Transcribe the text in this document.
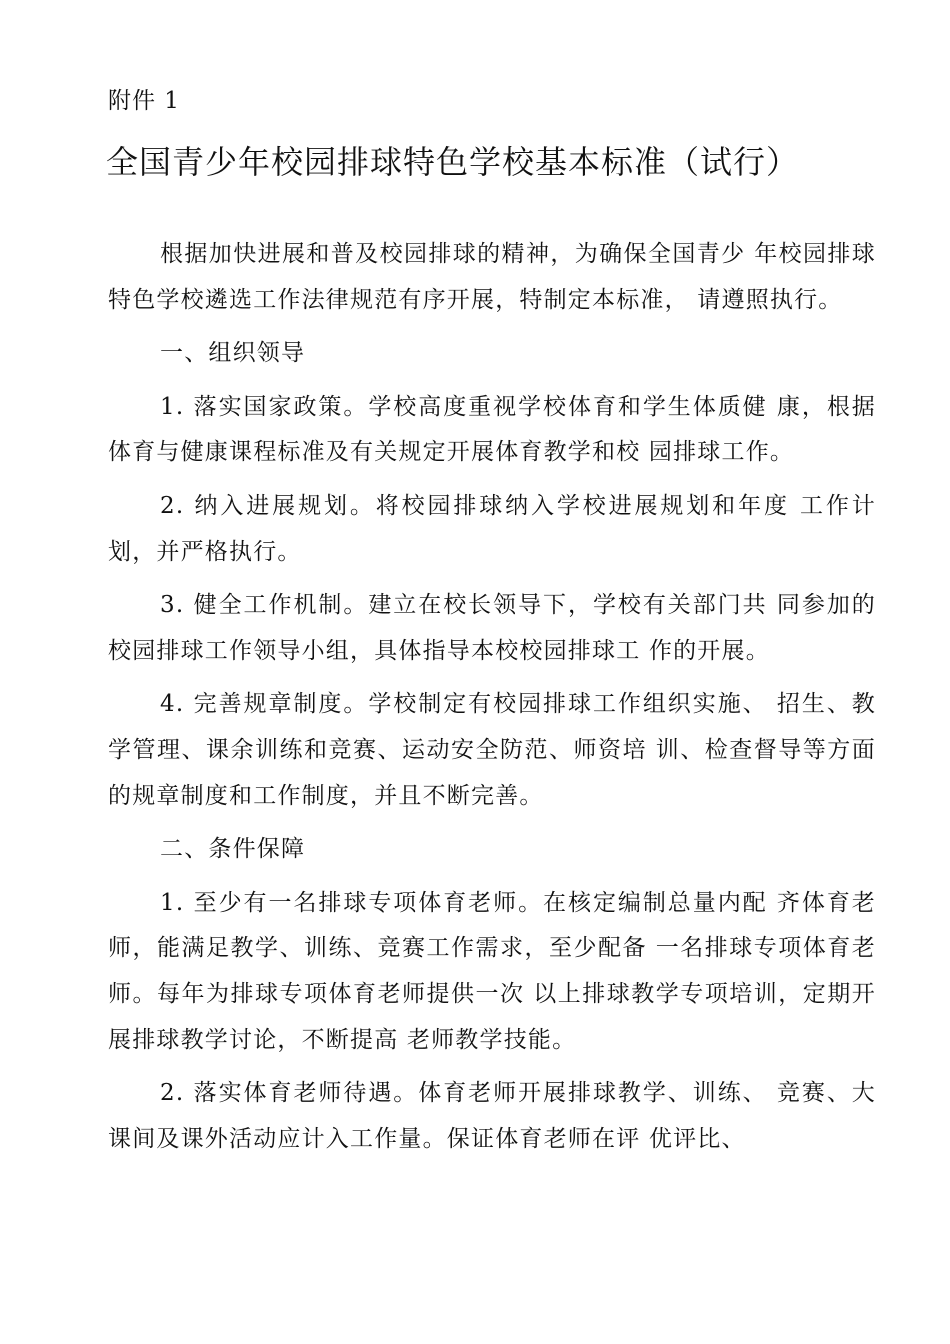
附件 1
全国青少年校园排球特色学校基本标准（试行）

根据加快进展和普及校园排球的精神，为确保全国青少 年校园排球特色学校遴选工作法律规范有序开展，特制定本标准， 请遵照执行。

一、组织领导

1. 落实国家政策。学校高度重视学校体育和学生体质健 康，根据体育与健康课程标准及有关规定开展体育教学和校 园排球工作。

2. 纳入进展规划。将校园排球纳入学校进展规划和年度 工作计划，并严格执行。

3. 健全工作机制。建立在校长领导下，学校有关部门共 同参加的校园排球工作领导小组，具体指导本校校园排球工 作的开展。

4. 完善规章制度。学校制定有校园排球工作组织实施、 招生、教学管理、课余训练和竞赛、运动安全防范、师资培 训、检查督导等方面的规章制度和工作制度，并且不断完善。

二、条件保障

1. 至少有一名排球专项体育老师。在核定编制总量内配 齐体育老师，能满足教学、训练、竞赛工作需求，至少配备 一名排球专项体育老师。每年为排球专项体育老师提供一次 以上排球教学专项培训，定期开展排球教学讨论，不断提高 老师教学技能。

2. 落实体育老师待遇。体育老师开展排球教学、训练、 竞赛、大课间及课外活动应计入工作量。保证体育老师在评 优评比、
